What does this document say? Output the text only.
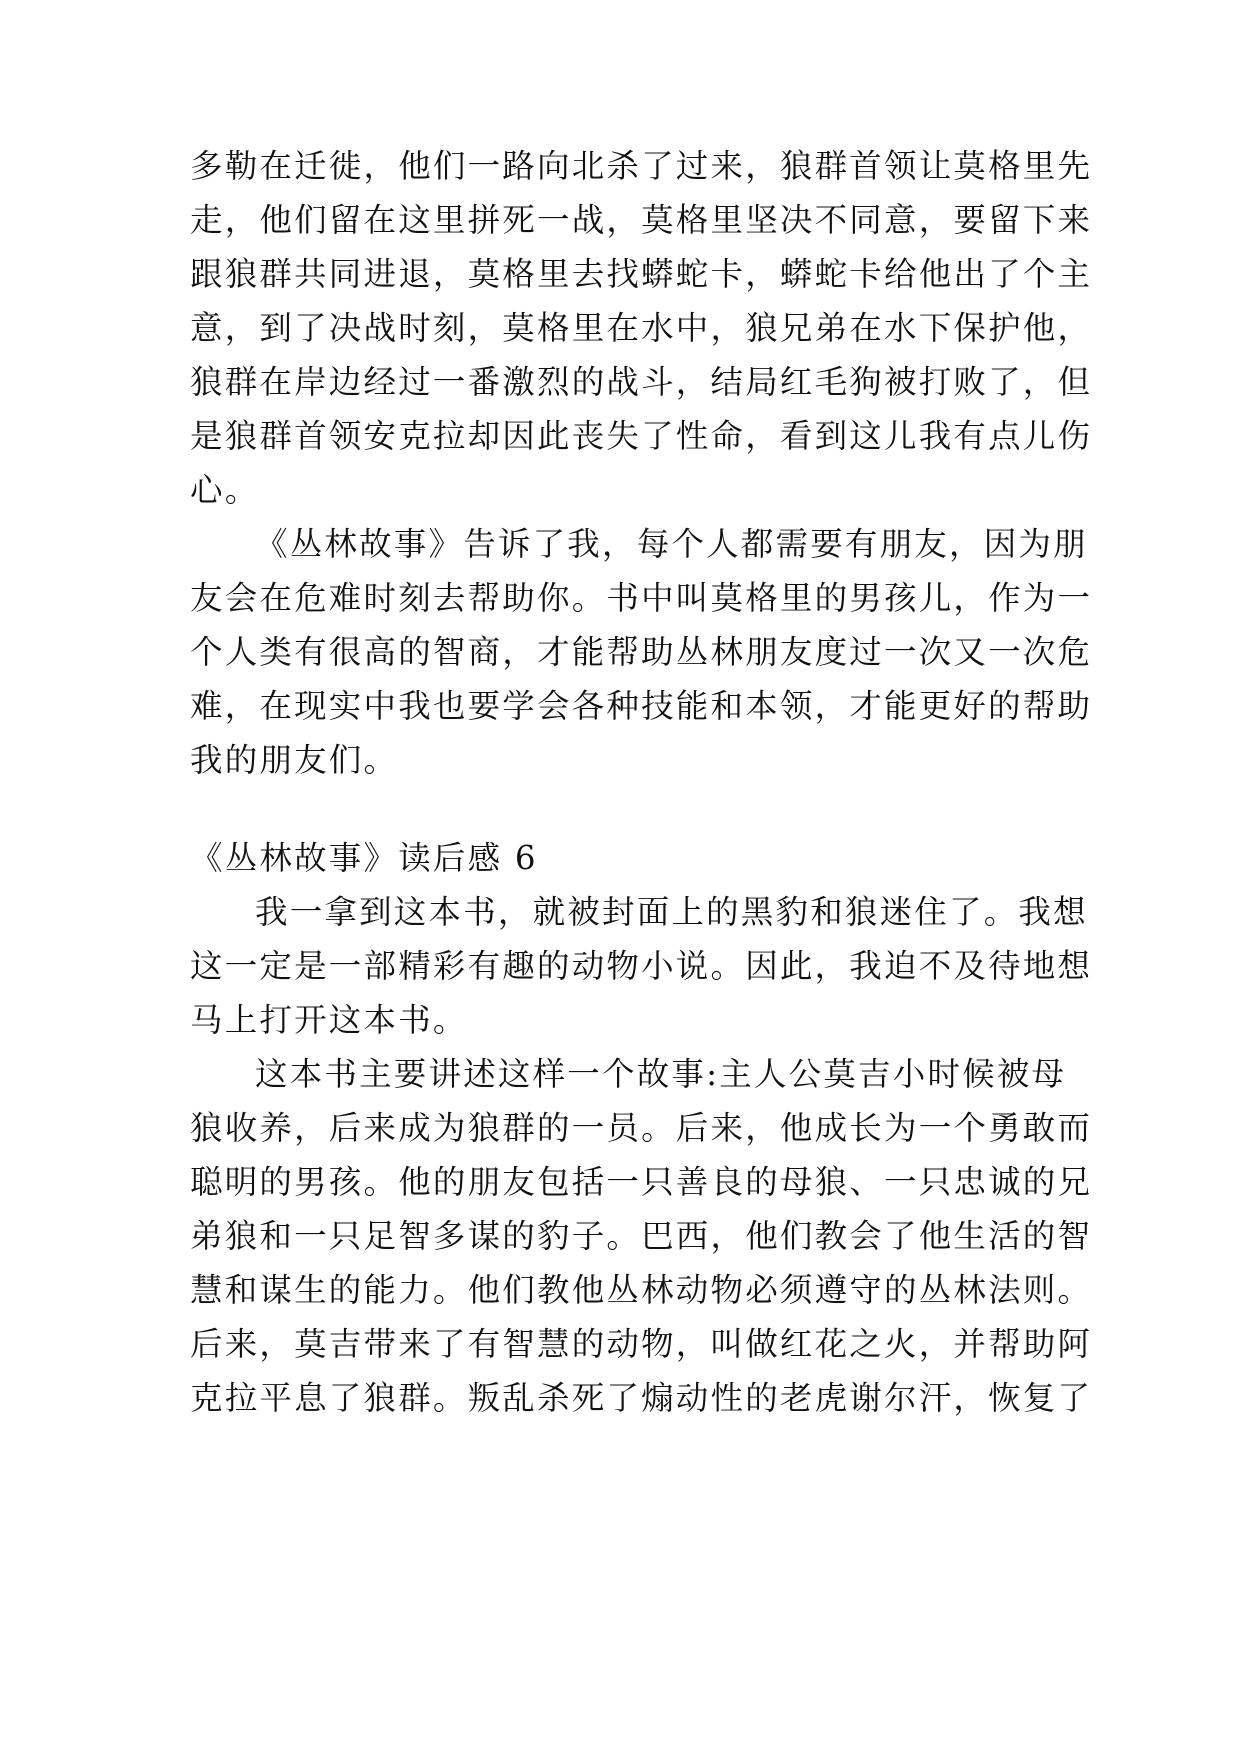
多勒在迁徙，他们一路向北杀了过来，狼群首领让莫格里先
走，他们留在这里拼死一战，莫格里坚决不同意，要留下来
跟狼群共同进退，莫格里去找蟒蛇卡，蟒蛇卡给他出了个主
意，到了决战时刻，莫格里在水中，狼兄弟在水下保护他，
狼群在岸边经过一番激烈的战斗，结局红毛狗被打败了，但
是狼群首领安克拉却因此丧失了性命，看到这儿我有点儿伤
心。
《丛林故事》告诉了我，每个人都需要有朋友，因为朋
友会在危难时刻去帮助你。书中叫莫格里的男孩儿，作为一
个人类有很高的智商，才能帮助丛林朋友度过一次又一次危
难，在现实中我也要学会各种技能和本领，才能更好的帮助
我的朋友们。
《丛林故事》读后感 6
我一拿到这本书，就被封面上的黑豹和狼迷住了。我想
这一定是一部精彩有趣的动物小说。因此，我迫不及待地想
马上打开这本书。
这本书主要讲述这样一个故事:主人公莫吉小时候被母
狼收养，后来成为狼群的一员。后来，他成长为一个勇敢而
聪明的男孩。他的朋友包括一只善良的母狼、一只忠诚的兄
弟狼和一只足智多谋的豹子。巴西，他们教会了他生活的智
慧和谋生的能力。他们教他丛林动物必须遵守的丛林法则。
后来，莫吉带来了有智慧的动物，叫做红花之火，并帮助阿
克拉平息了狼群。叛乱杀死了煽动性的老虎谢尔汗，恢复了
